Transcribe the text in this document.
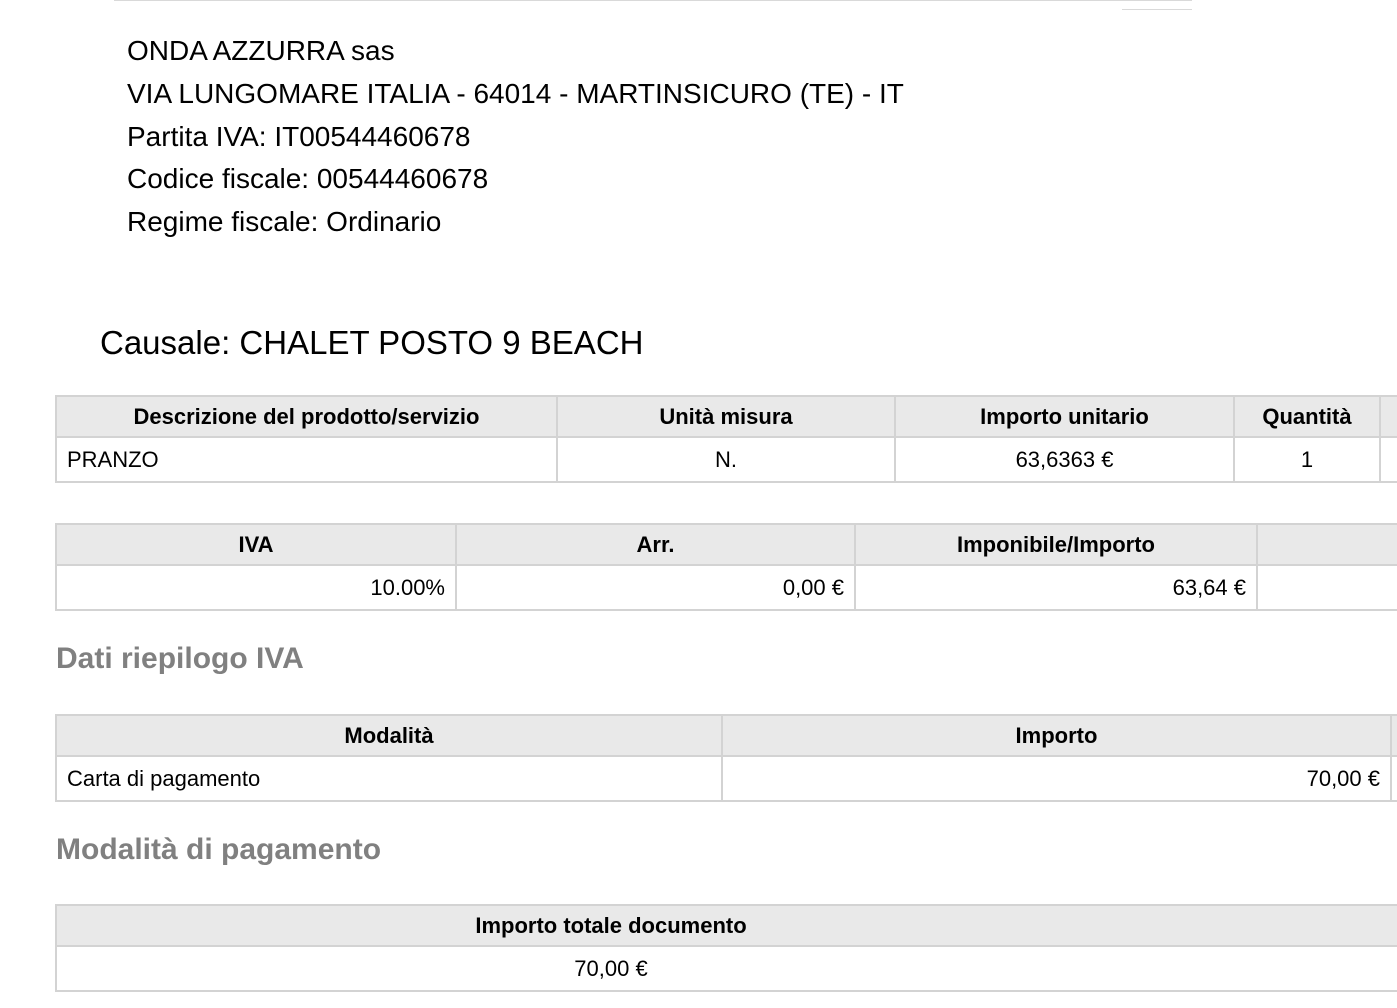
ONDA AZZURRA sas
VIA LUNGOMARE ITALIA - 64014 - MARTINSICURO (TE) - IT
Partita IVA: IT00544460678
Codice fiscale: 00544460678
Regime fiscale: Ordinario
Causale: CHALET POSTO 9 BEACH
Descrizione del prodotto/servizio	Unità misura	Importo unitario	Quantità	
PRANZO	N.	63,6363 €	1	
IVA	Arr.	Imponibile/Importo	
10.00%	0,00 €	63,64 €	
Dati riepilogo IVA
Modalità	Importo	
Carta di pagamento	70,00 €	
Modalità di pagamento
Importo totale documento
70,00 €
